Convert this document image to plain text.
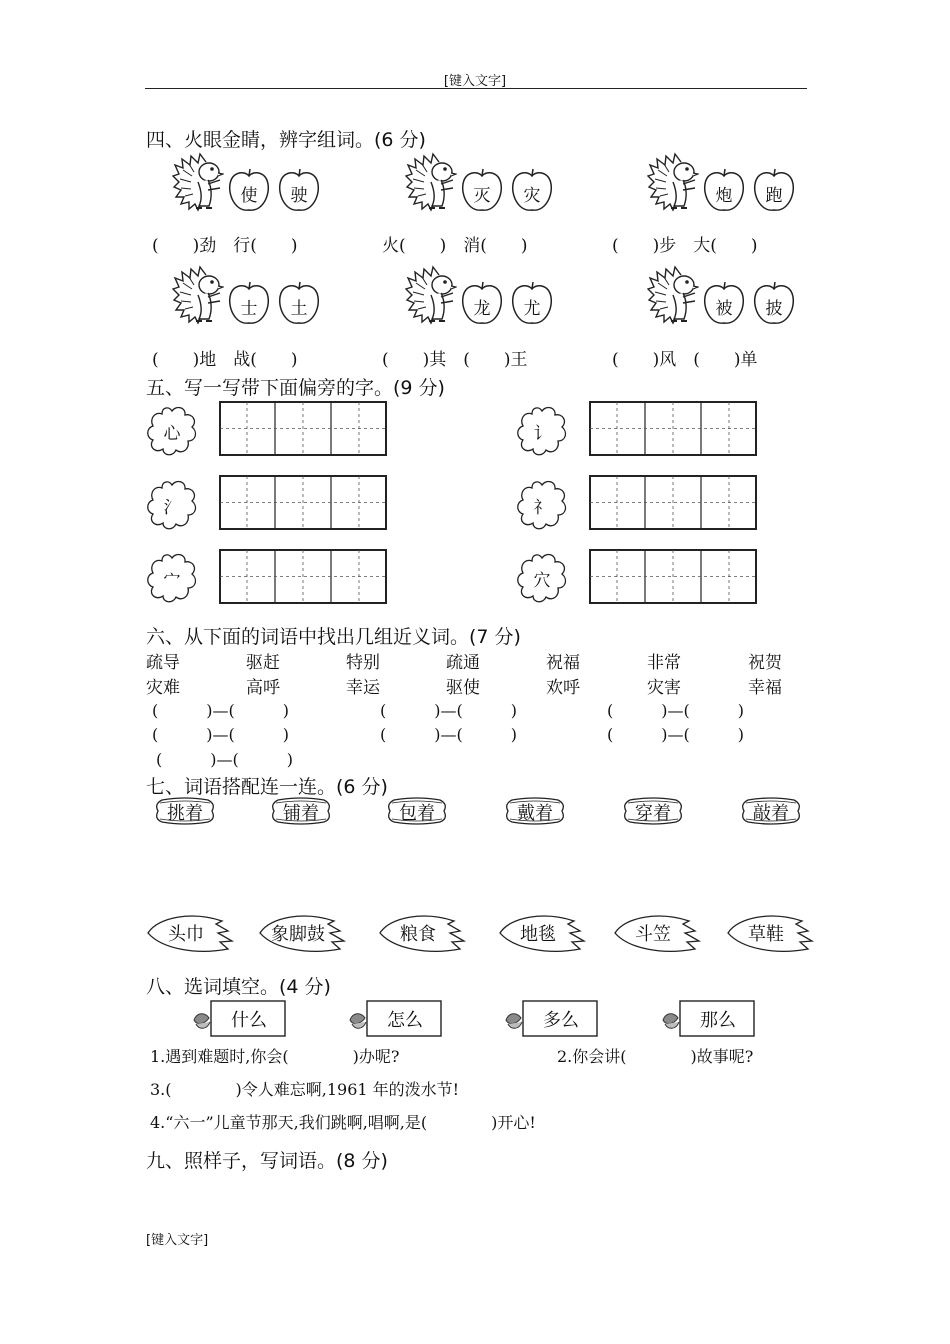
[键入文字]
[键入文字]
四、火眼金睛，辨字组词。(6 分)
使	驶	灭	灾	炮	跑
(　　)劲　行(　　)	火(　　)　消(　　)	(　　)步　大(　　)
士	土	龙	尤	被	披
(　　)地　战(　　)	(　　)其　(　　)王	(　　)风　(　　)单
五、写一写带下面偏旁的字。(9 分)
心	讠
氵	礻
宀	穴
六、从下面的词语中找出几组近义词。(7 分)
疏导	驱赶	特别	疏通	祝福	非常	祝贺
灾难	高呼	幸运	驱使	欢呼	灾害	幸福
(　　　)—(　　　)	(　　　)—(　　　)	(　　　)—(　　　)
(　　　)—(　　　)	(　　　)—(　　　)	(　　　)—(　　　)
(　　　)—(　　　)
七、词语搭配连一连。(6 分)
挑着	铺着	包着	戴着	穿着	敲着
头巾	象脚鼓	粮食	地毯	斗笠	草鞋
八、选词填空。(4 分)
什么	怎么	多么	那么
1.遇到难题时,你会(　　　　)办呢?	2.你会讲(　　　　)故事呢?
3.(　　　　)令人难忘啊,1961 年的泼水节!
4.“六一”儿童节那天,我们跳啊,唱啊,是(　　　　)开心!
九、照样子，写词语。(8 分)
